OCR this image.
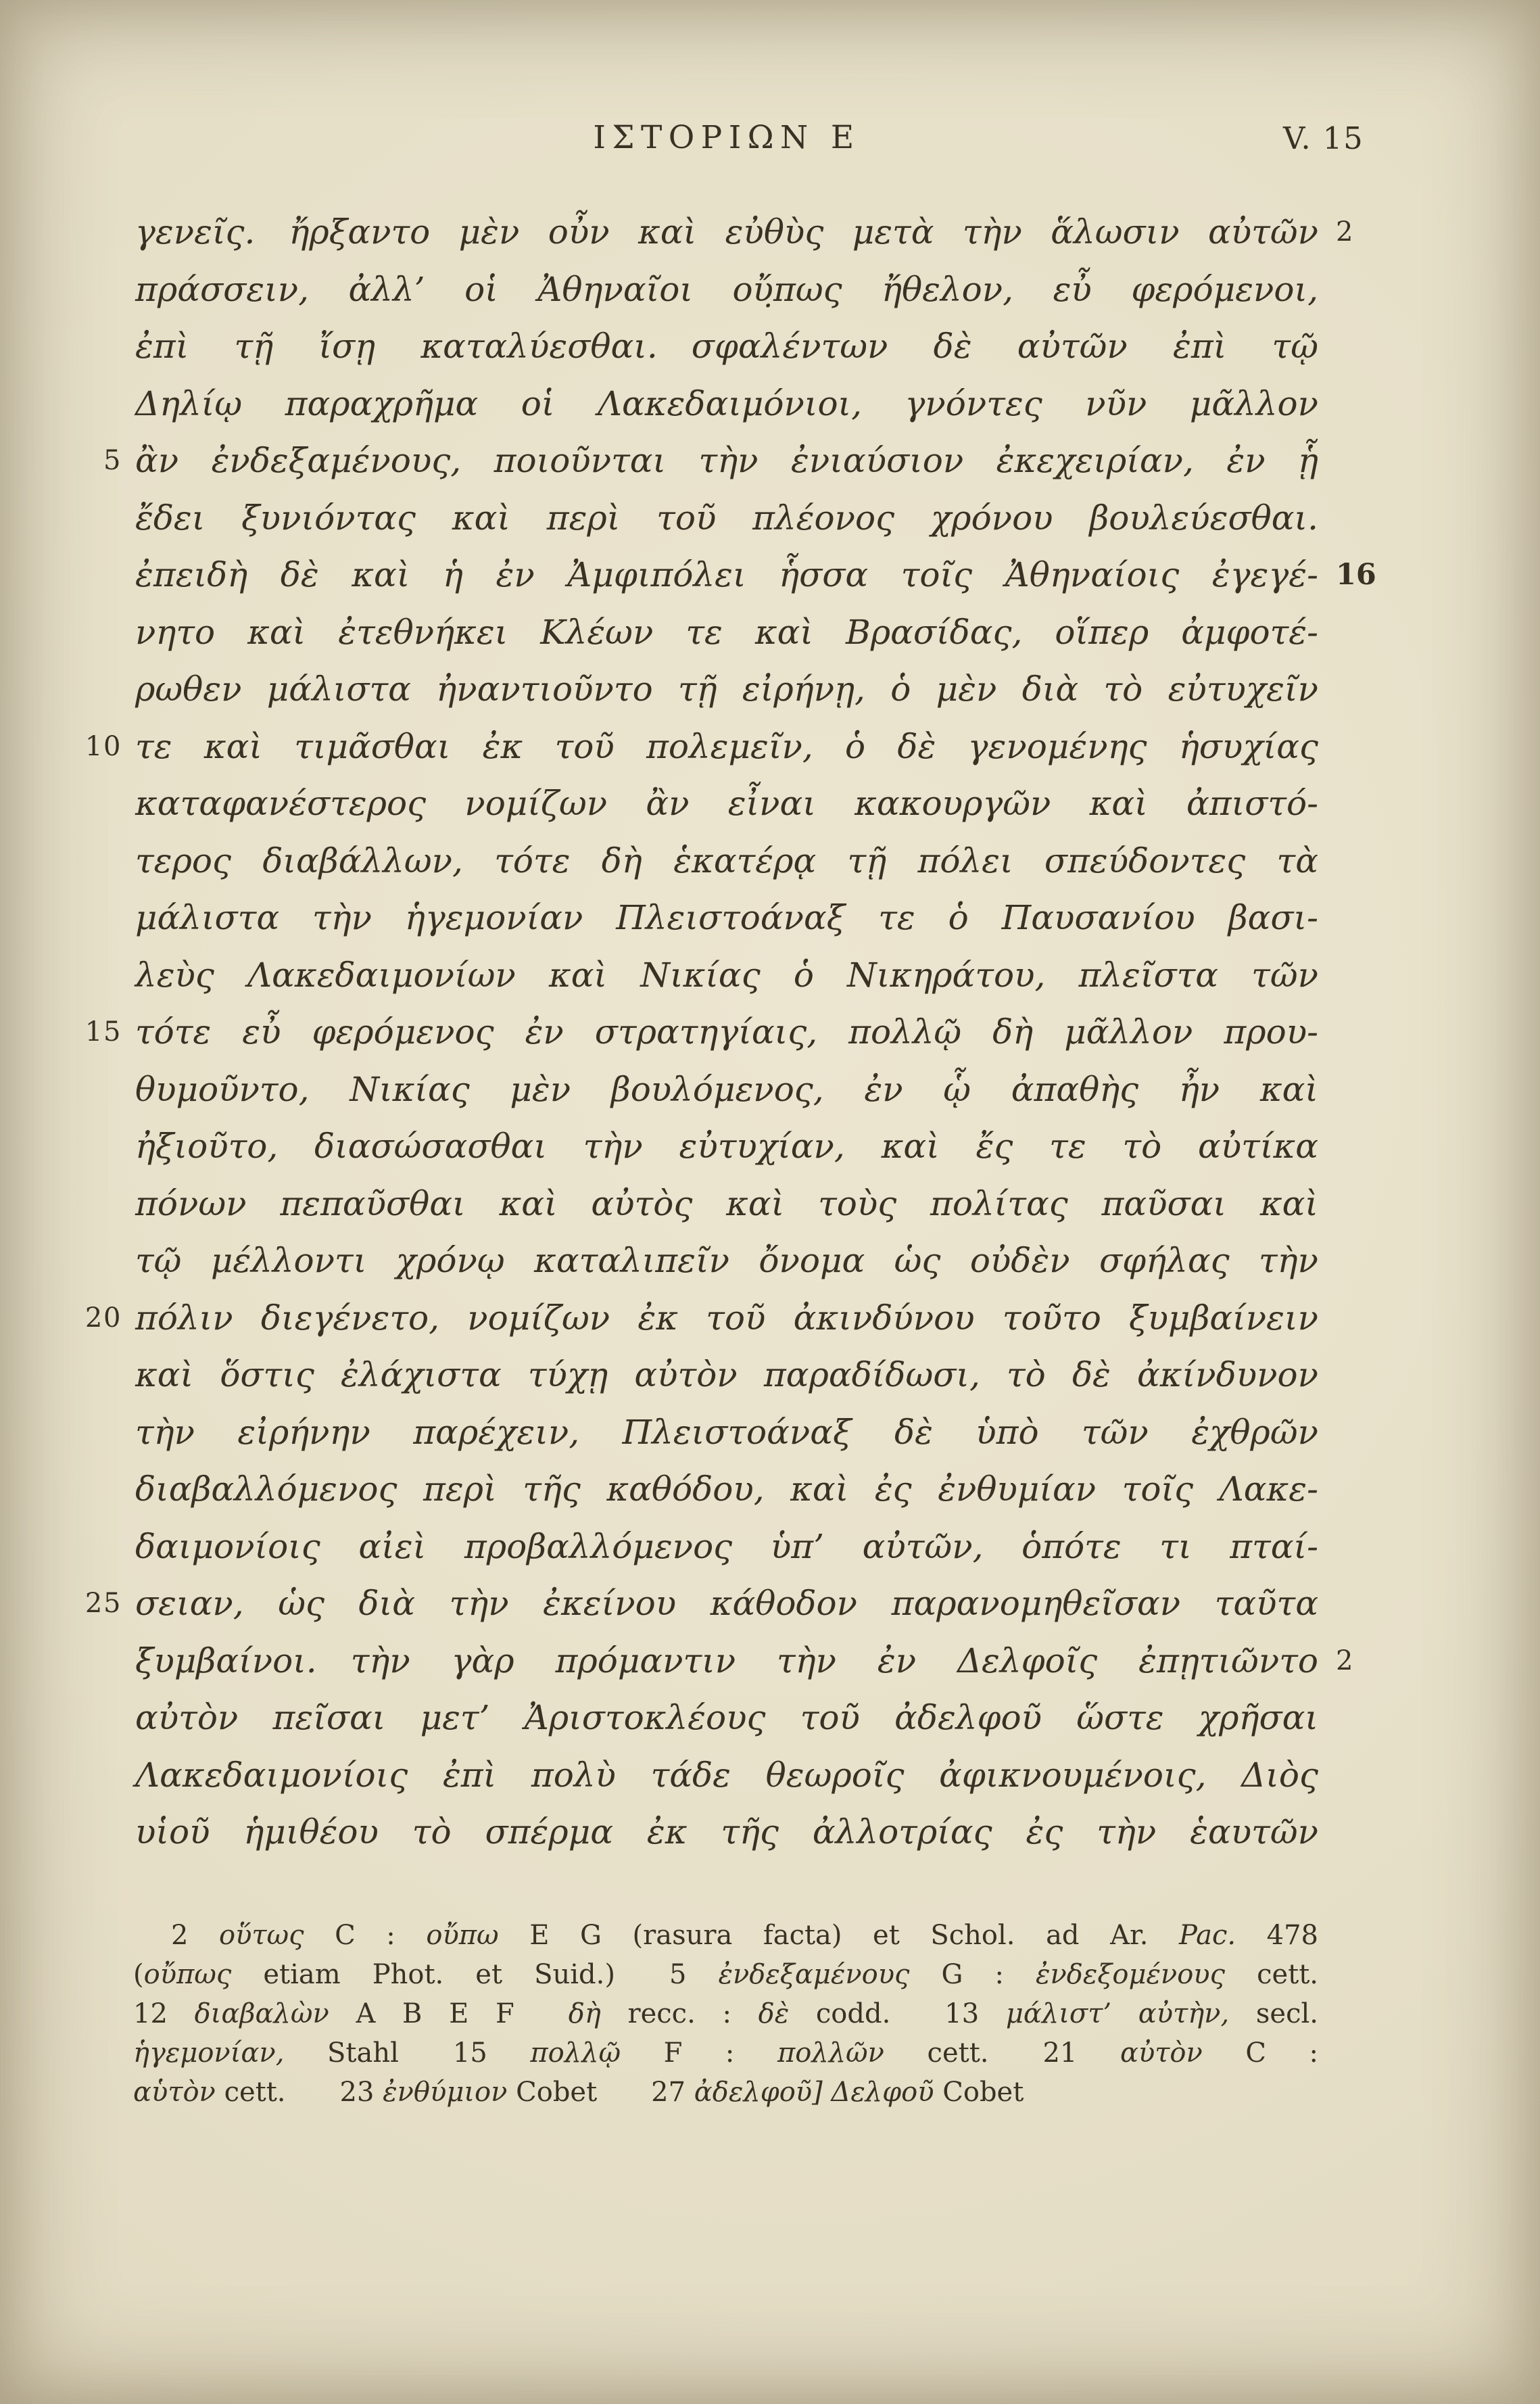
ΙΣΤΟΡΙΩΝ Ε	V. 15
γενεῖς. ἤρξαντο μὲν οὖν καὶ εὐθὺς μετὰ τὴν ἅλωσιν αὐτῶν 2
πράσσειν, ἀλλ’ οἱ Ἀθηναῖοι οὔ̣πως ἤθελον, εὖ φερόμενοι,
ἐπὶ τῇ ἴσῃ καταλύεσθαι. σφαλέντων δὲ αὐτῶν ἐπὶ τῷ
Δηλίῳ παραχρῆμα οἱ Λακεδαιμόνιοι, γνόντες νῦν μᾶλλον
5 ἂν ἐνδεξαμένους, ποιοῦνται τὴν ἐνιαύσιον ἐκεχειρίαν, ἐν ᾗ
ἔδει ξυνιόντας καὶ περὶ τοῦ πλέονος χρόνου βουλεύεσθαι.
ἐπειδὴ δὲ καὶ ἡ ἐν Ἀμφιπόλει ἧσσα τοῖς Ἀθηναίοις ἐγεγέ- 16
νητο καὶ ἐτεθνήκει Κλέων τε καὶ Βρασίδας, οἵπερ ἀμφοτέ-
ρωθεν μάλιστα ἠναντιοῦντο τῇ εἰρήνῃ, ὁ μὲν διὰ τὸ εὐτυχεῖν
10 τε καὶ τιμᾶσθαι ἐκ τοῦ πολεμεῖν, ὁ δὲ γενομένης ἡσυχίας
καταφανέστερος νομίζων ἂν εἶναι κακουργῶν καὶ ἀπιστό-
τερος διαβάλλων, τότε δὴ ἑκατέρᾳ τῇ πόλει σπεύδοντες τὰ
μάλιστα τὴν ἡγεμονίαν Πλειστοάναξ τε ὁ Παυσανίου βασι-
λεὺς Λακεδαιμονίων καὶ Νικίας ὁ Νικηράτου, πλεῖστα τῶν
15 τότε εὖ φερόμενος ἐν στρατηγίαις, πολλῷ δὴ μᾶλλον πρου-
θυμοῦντο, Νικίας μὲν βουλόμενος, ἐν ᾧ ἀπαθὴς ἦν καὶ
ἠξιοῦτο, διασώσασθαι τὴν εὐτυχίαν, καὶ ἔς τε τὸ αὐτίκα
πόνων πεπαῦσθαι καὶ αὐτὸς καὶ τοὺς πολίτας παῦσαι καὶ
τῷ μέλλοντι χρόνῳ καταλιπεῖν ὄνομα ὡς οὐδὲν σφήλας τὴν
20 πόλιν διεγένετο, νομίζων ἐκ τοῦ ἀκινδύνου τοῦτο ξυμβαίνειν
καὶ ὅστις ἐλάχιστα τύχῃ αὐτὸν παραδίδωσι, τὸ δὲ ἀκίνδυνον
τὴν εἰρήνην παρέχειν, Πλειστοάναξ δὲ ὑπὸ τῶν ἐχθρῶν
διαβαλλόμενος περὶ τῆς καθόδου, καὶ ἐς ἐνθυμίαν τοῖς Λακε-
δαιμονίοις αἰεὶ προβαλλόμενος ὑπ’ αὐτῶν, ὁπότε τι πταί-
25 σειαν, ὡς διὰ τὴν ἐκείνου κάθοδον παρανομηθεῖσαν ταῦτα
ξυμβαίνοι. τὴν γὰρ πρόμαντιν τὴν ἐν Δελφοῖς ἐπῃτιῶντο 2
αὐτὸν πεῖσαι μετ’ Ἀριστοκλέους τοῦ ἀδελφοῦ ὥστε χρῆσαι
Λακεδαιμονίοις ἐπὶ πολὺ τάδε θεωροῖς ἀφικνουμένοις, Διὸς
υἱοῦ ἡμιθέου τὸ σπέρμα ἐκ τῆς ἀλλοτρίας ἐς τὴν ἑαυτῶν
2 οὕτως C : οὔπω E G (rasura facta) et Schol. ad Ar. Pac. 478
(οὔπως etiam Phot. et Suid.)  5 ἐνδεξαμένους G : ἐνδεξομένους cett.
12 διαβαλὼν A B E F  δὴ recc. : δὲ codd.  13 μάλιστ’ αὐτὴν, secl.
ἡγεμονίαν, Stahl  15 πολλῷ F : πολλῶν cett.  21 αὐτὸν C :
αὑτὸν cett.  23 ἐνθύμιον Cobet  27 ἀδελφοῦ] Δελφοῦ Cobet
